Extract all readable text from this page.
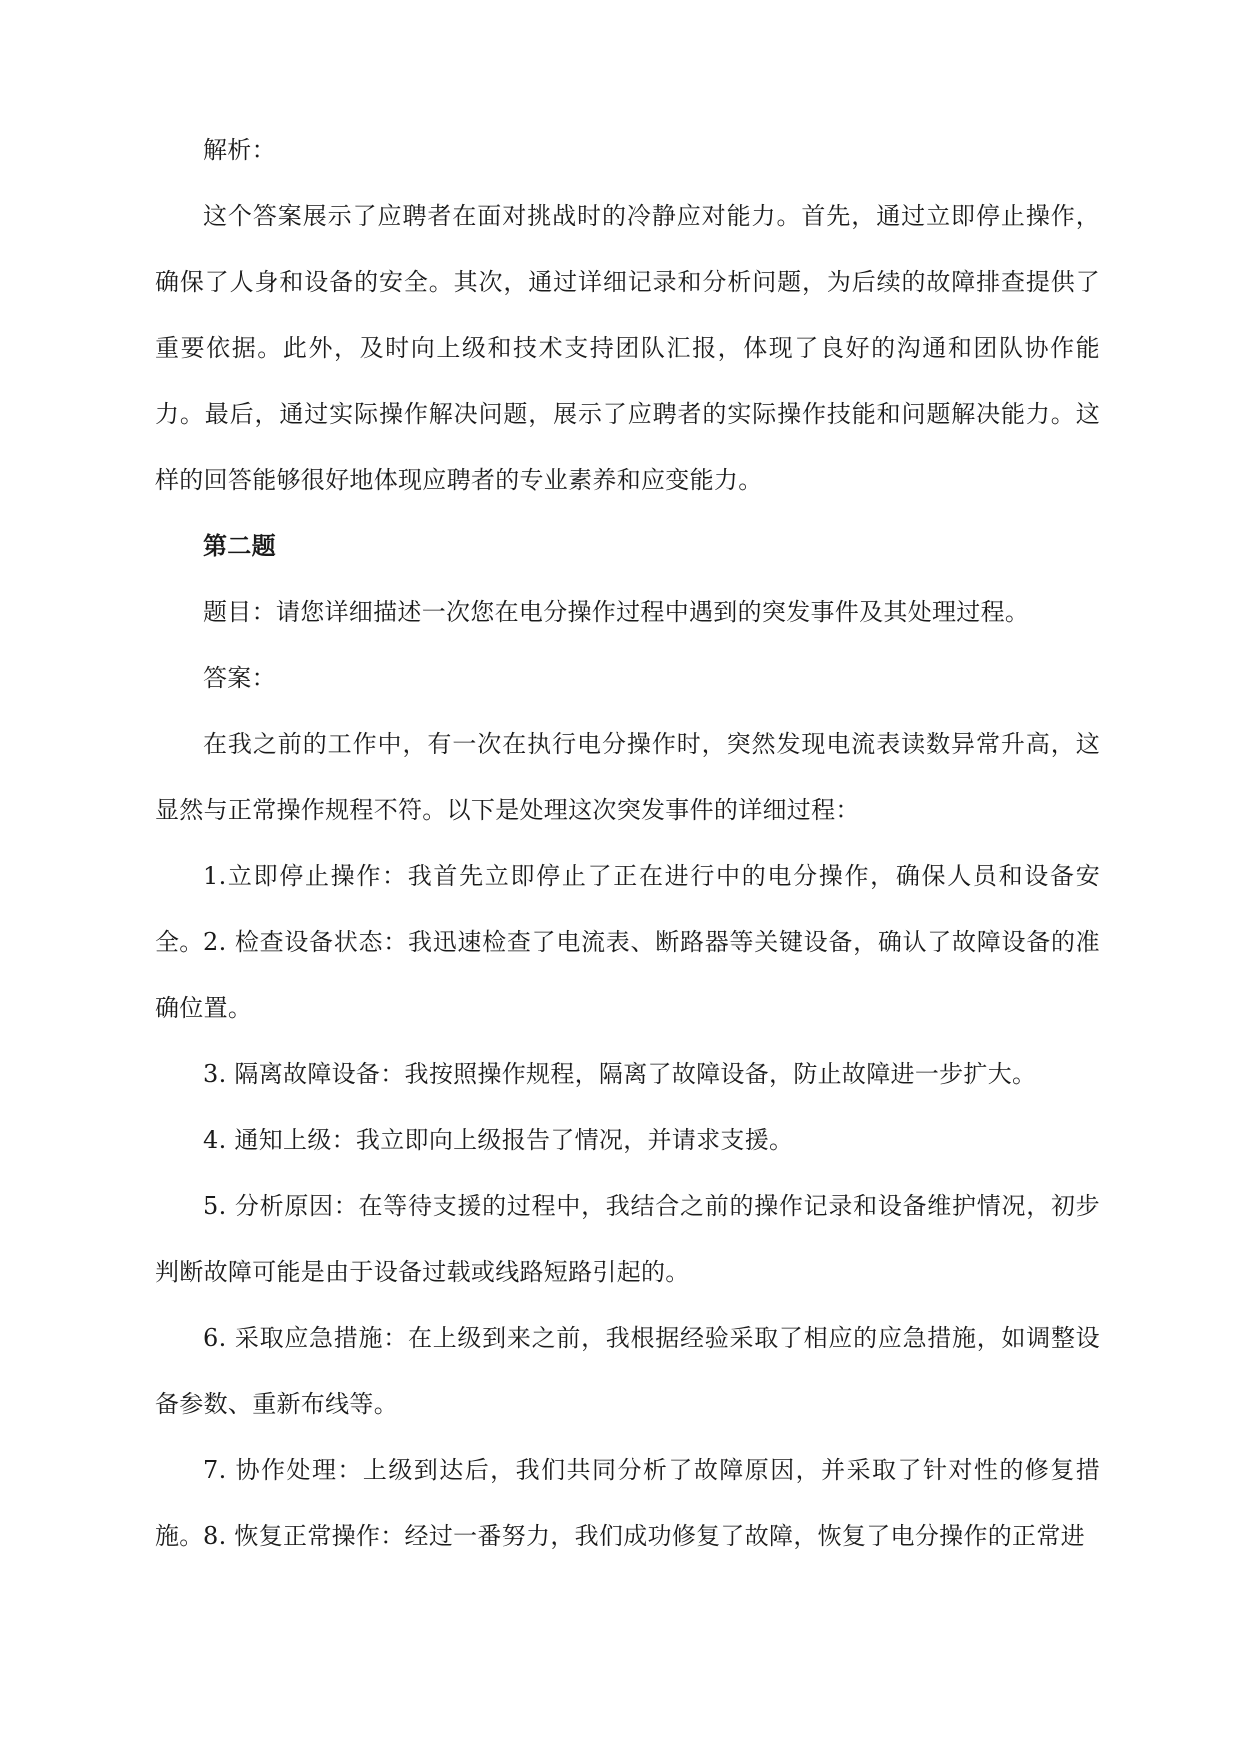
解析：

这个答案展示了应聘者在面对挑战时的冷静应对能力。首先，通过立即停止操作，确保了人身和设备的安全。其次，通过详细记录和分析问题，为后续的故障排查提供了重要依据。此外，及时向上级和技术支持团队汇报，体现了良好的沟通和团队协作能力。最后，通过实际操作解决问题，展示了应聘者的实际操作技能和问题解决能力。这样的回答能够很好地体现应聘者的专业素养和应变能力。

第二题

题目：请您详细描述一次您在电分操作过程中遇到的突发事件及其处理过程。

答案：

在我之前的工作中，有一次在执行电分操作时，突然发现电流表读数异常升高，这显然与正常操作规程不符。以下是处理这次突发事件的详细过程：

1.立即停止操作：我首先立即停止了正在进行中的电分操作，确保人员和设备安全。 2. 检查设备状态：我迅速检查了电流表、断路器等关键设备，确认了故障设备的准确位置。

3. 隔离故障设备：我按照操作规程，隔离了故障设备，防止故障进一步扩大。

4. 通知上级：我立即向上级报告了情况，并请求支援。

5. 分析原因：在等待支援的过程中，我结合之前的操作记录和设备维护情况，初步判断故障可能是由于设备过载或线路短路引起的。

6. 采取应急措施：在上级到来之前，我根据经验采取了相应的应急措施，如调整设备参数、重新布线等。

7. 协作处理：上级到达后，我们共同分析了故障原因，并采取了针对性的修复措施。 8. 恢复正常操作：经过一番努力，我们成功修复了故障，恢复了电分操作的正常进
